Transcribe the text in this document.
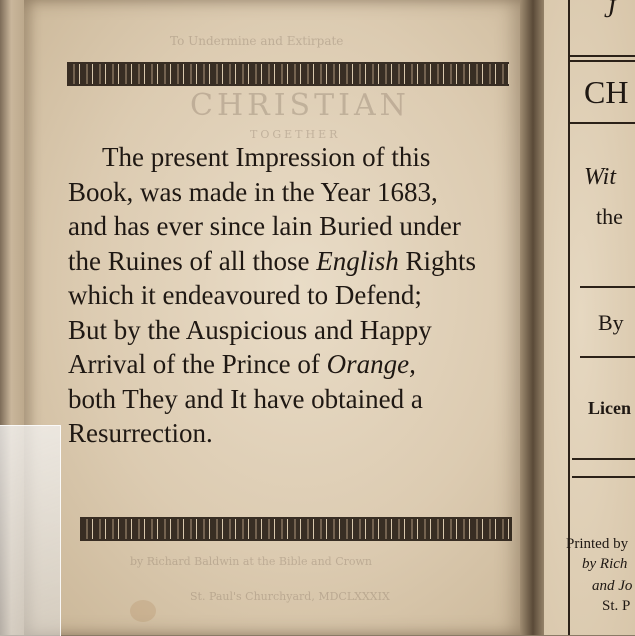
To Undermine and Extirpate
CHRISTIAN
TOGETHER
by Richard Baldwin at the Bible and Crown
St. Paul's Churchyard, MDCLXXXIX
The present Impression of this
Book, was made in the Year 1683,
and has ever since lain Buried under
the Ruines of all those English Rights
which it endeavoured to Defend;
But by the Auspicious and Happy
Arrival of the Prince of Orange,
both They and It have obtained a
Resurrection.
J
CH
Wit
the
By
Licen
Printed by
by Rich
and Jo
St. P
